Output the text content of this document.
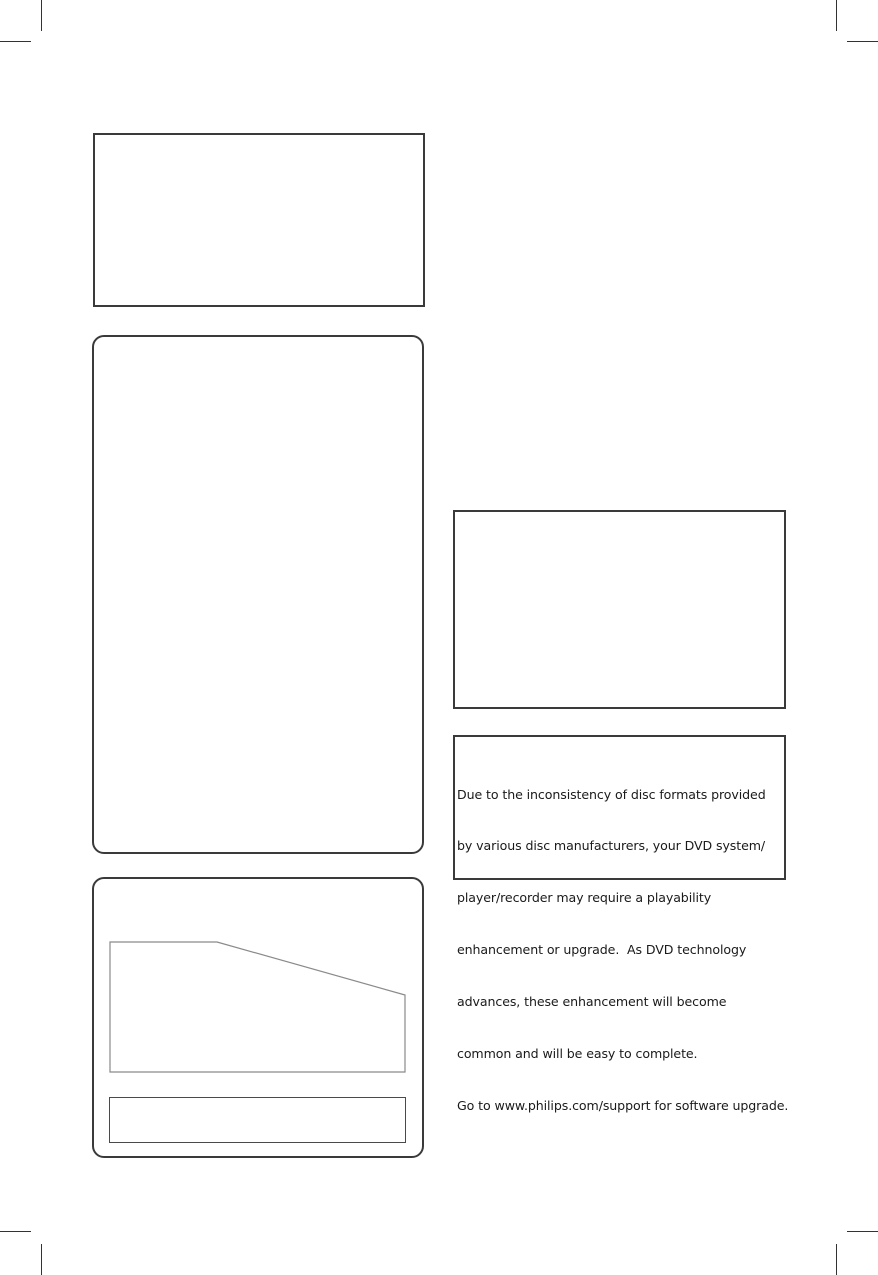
Due to the inconsistency of disc formats provided

by various disc manufacturers, your DVD system/

player/recorder may require a playability

enhancement or upgrade.  As DVD technology

advances, these enhancement will become

common and will be easy to complete.

Go to www.philips.com/support for software upgrade.
